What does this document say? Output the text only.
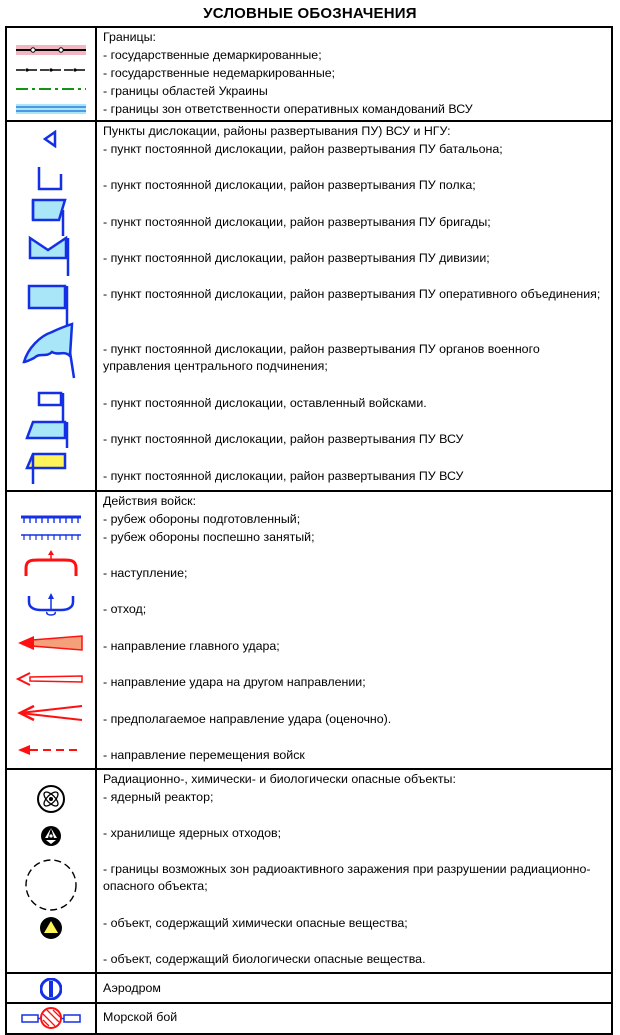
УСЛОВНЫЕ ОБОЗНАЧЕНИЯ
Границы:
- государственные демаркированные;
- государственные недемаркированные;
- границы областей Украины
- границы зон ответственности оперативных командований ВСУ
Пункты дислокации, районы развертывания ПУ) ВСУ и НГУ:
- пункт постоянной дислокации, район развертывания ПУ батальона;
- пункт постоянной дислокации, район развертывания ПУ полка;
- пункт постоянной дислокации, район развертывания ПУ бригады;
- пункт постоянной дислокации, район развертывания ПУ дивизии;
- пункт постоянной дислокации, район развертывания ПУ оперативного объединения;
- пункт постоянной дислокации, район развертывания ПУ органов военного управления центрального подчинения;
- пункт постоянной дислокации, оставленный войсками.
- пункт постоянной дислокации, район развертывания ПУ ВСУ
- пункт постоянной дислокации, район развертывания ПУ ВСУ
Действия войск:
- рубеж обороны подготовленный;
- рубеж обороны поспешно занятый;
- наступление;
- отход;
- направление главного удара;
- направление удара на другом направлении;
- предполагаемое направление удара (оценочно).
- направление перемещения войск
Радиационно-, химически- и биологически опасные объекты:
- ядерный реактор;
- хранилище ядерных отходов;
- границы возможных зон радиоактивного заражения при разрушении радиационно- опасного объекта;
- объект, содержащий химически опасные вещества;
- объект, содержащий биологически опасные вещества.
Аэродром
Морской бой
